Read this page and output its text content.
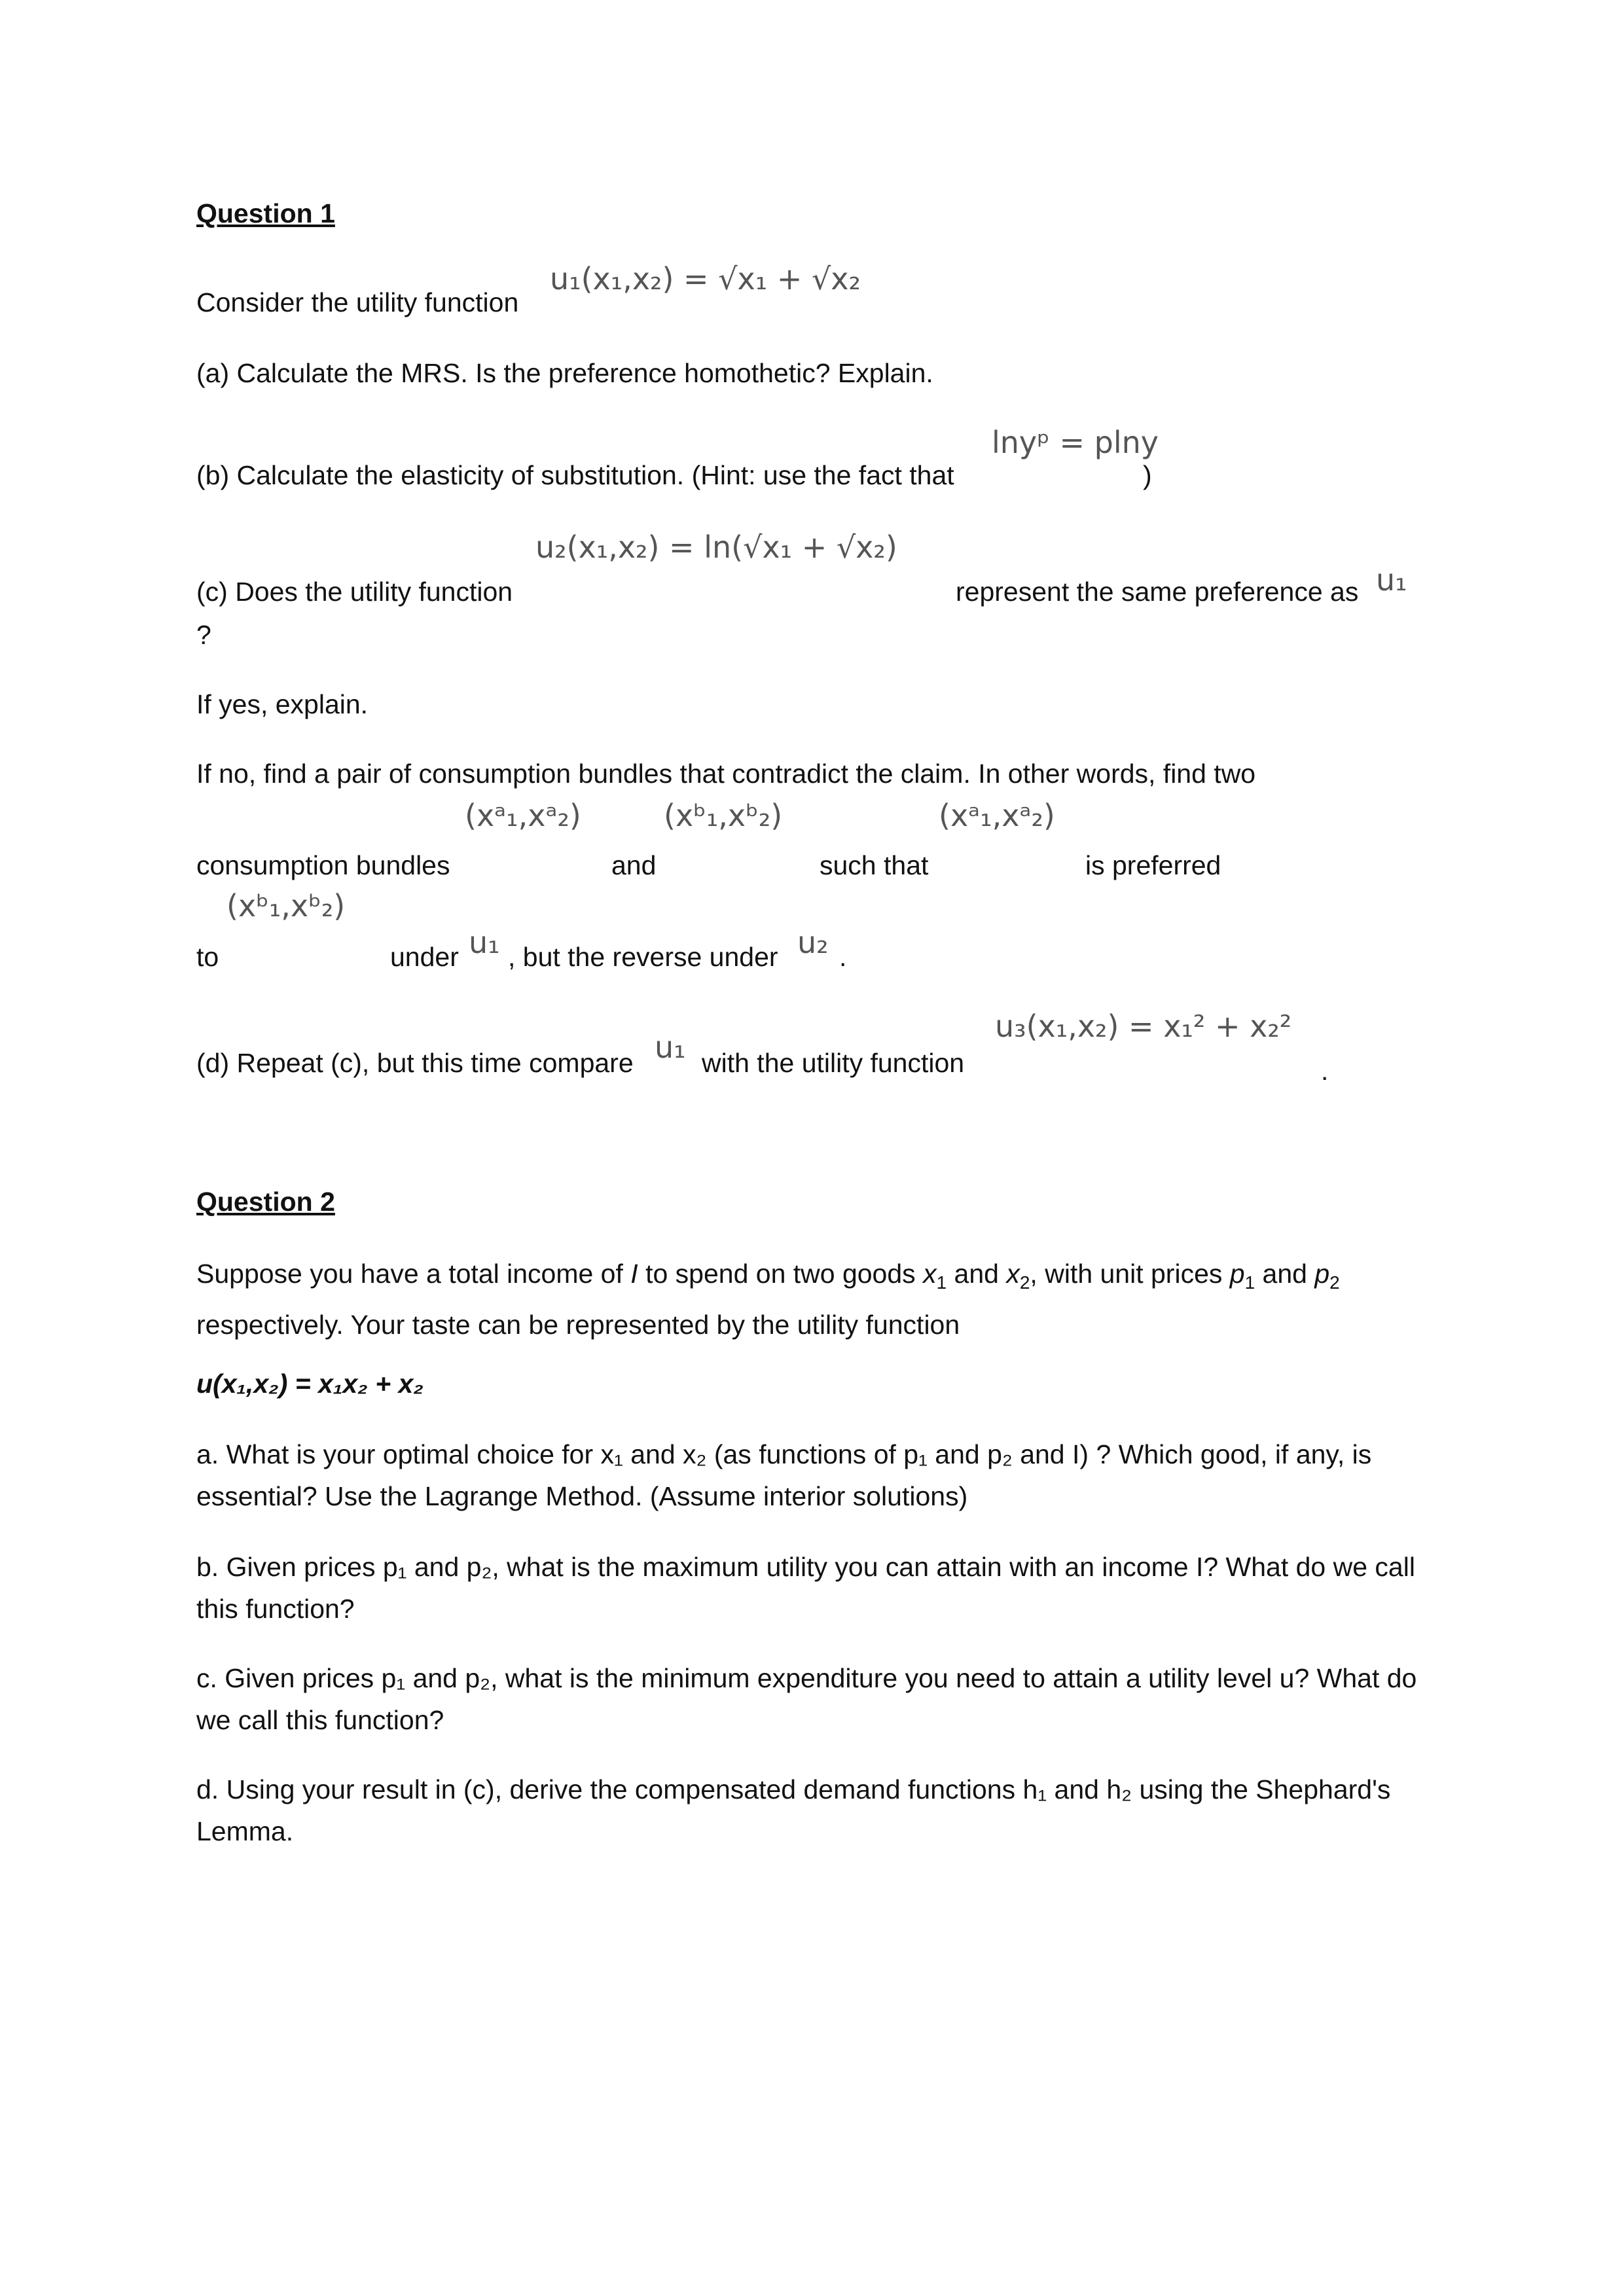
Question 1
Consider the utility function
u₁(x₁,x₂) = √x₁ + √x₂
(a) Calculate the MRS. Is the preference homothetic? Explain.
lnyᵖ = plny
(b) Calculate the elasticity of substitution. (Hint: use the fact that	)
u₂(x₁,x₂) = ln(√x₁ + √x₂)
(c) Does the utility function	represent the same preference as u₁
?
If yes, explain.
If no, find a pair of consumption bundles that contradict the claim. In other words, find two
(xᵃ₁,xᵃ₂)	(xᵇ₁,xᵇ₂)	(xᵃ₁,xᵃ₂)
consumption bundles	and	such that	is preferred
(xᵇ₁,xᵇ₂)
to	under u₁ , but the reverse under u₂ .
u₃(x₁,x₂) = x₁² + x₂²
(d) Repeat (c), but this time compare u₁ with the utility function	.
Question 2
Suppose you have a total income of I to spend on two goods $x_1$ and $x_2$, with unit prices $p_1$ and $p_2$ respectively. Your taste can be represented by the utility function
u(x₁,x₂) = x₁x₂ + x₂
a. What is your optimal choice for x₁ and x₂ (as functions of p₁ and p₂ and I) ? Which good, if any, is essential? Use the Lagrange Method. (Assume interior solutions)
b. Given prices p₁ and p₂, what is the maximum utility you can attain with an income I? What do we call this function?
c. Given prices p₁ and p₂, what is the minimum expenditure you need to attain a utility level u? What do we call this function?
d. Using your result in (c), derive the compensated demand functions h₁ and h₂ using the Shephard's Lemma.
